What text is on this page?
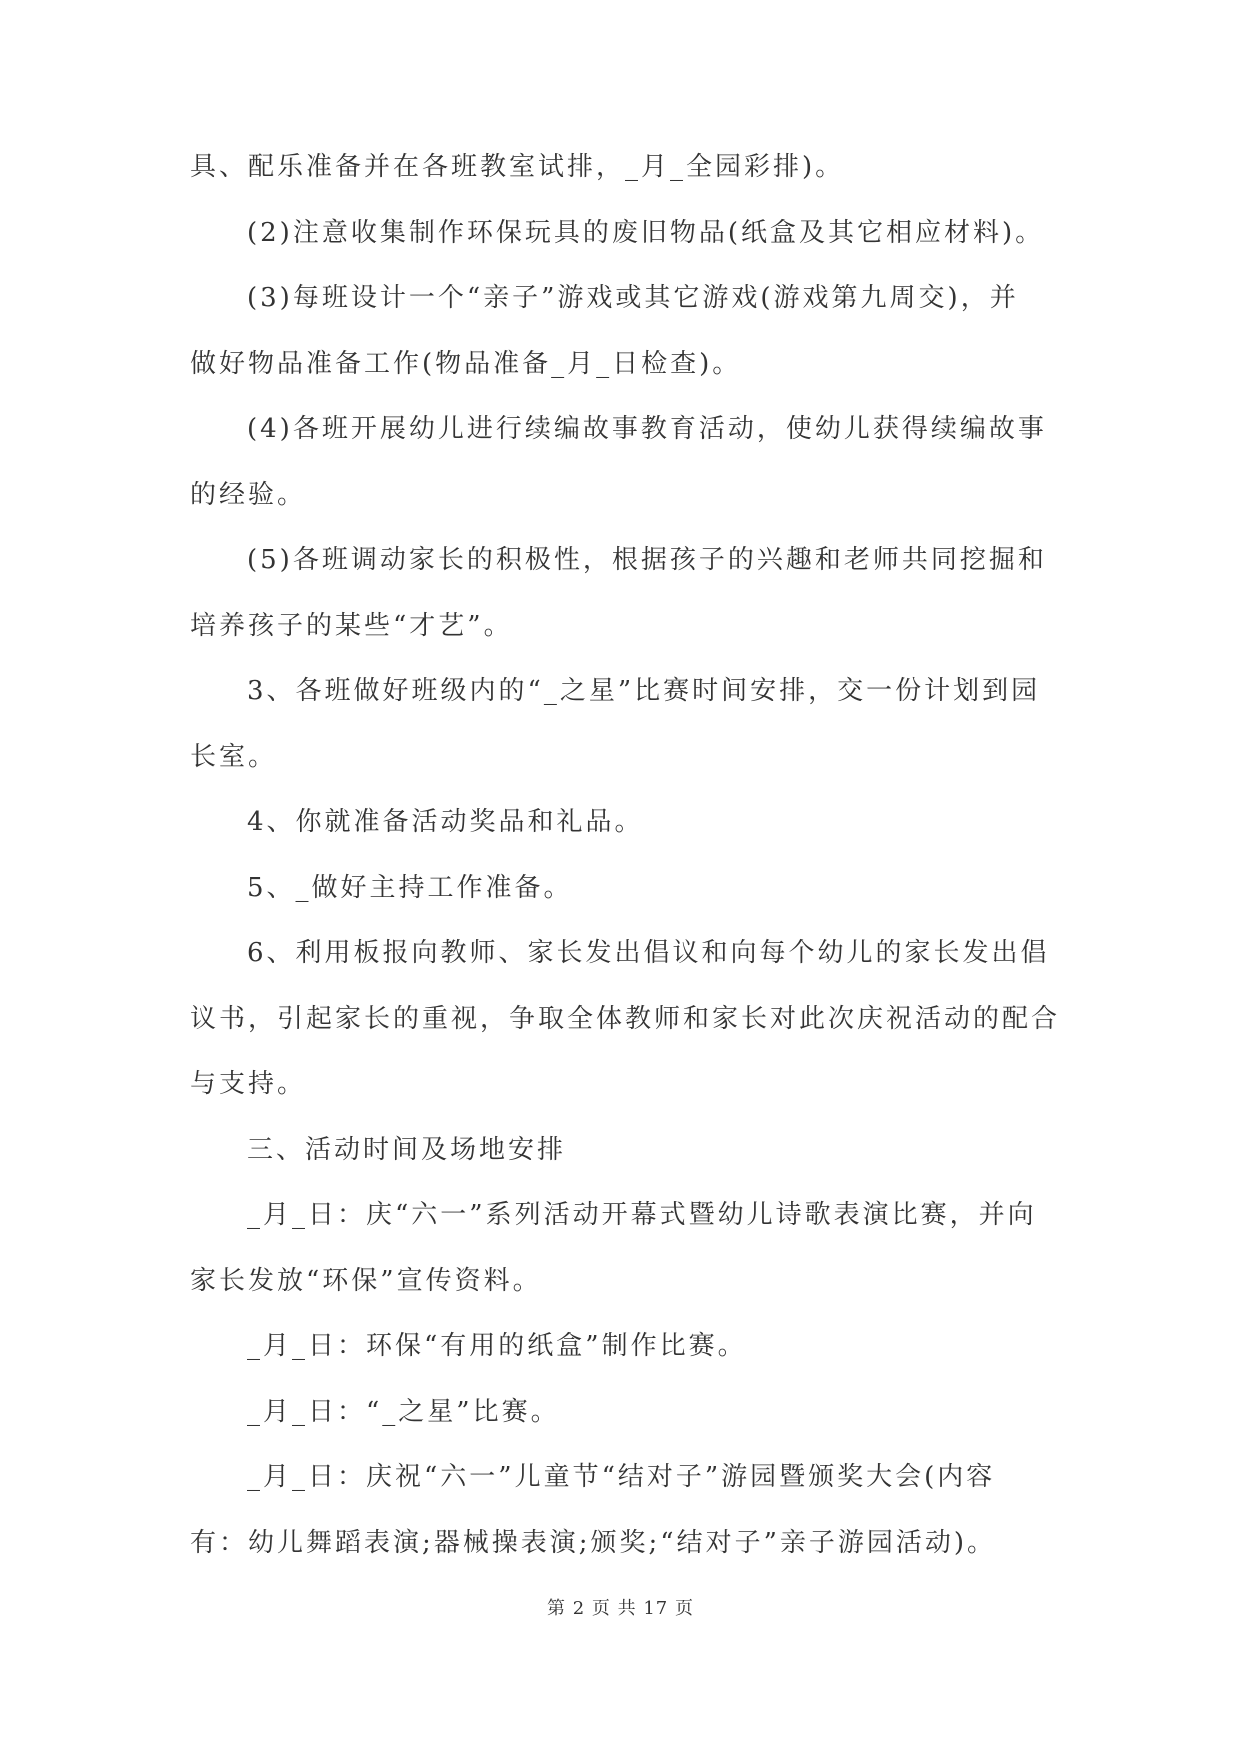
具、配乐准备并在各班教室试排，_月_全园彩排)。
(2)注意收集制作环保玩具的废旧物品(纸盒及其它相应材料)。
(3)每班设计一个“亲子”游戏或其它游戏(游戏第九周交)，并
做好物品准备工作(物品准备_月_日检查)。
(4)各班开展幼儿进行续编故事教育活动，使幼儿获得续编故事
的经验。
(5)各班调动家长的积极性，根据孩子的兴趣和老师共同挖掘和
培养孩子的某些“才艺”。
3、各班做好班级内的“_之星”比赛时间安排，交一份计划到园
长室。
4、你就准备活动奖品和礼品。
5、_做好主持工作准备。
6、利用板报向教师、家长发出倡议和向每个幼儿的家长发出倡
议书，引起家长的重视，争取全体教师和家长对此次庆祝活动的配合
与支持。
三、活动时间及场地安排
_月_日：庆“六一”系列活动开幕式暨幼儿诗歌表演比赛，并向
家长发放“环保”宣传资料。
_月_日：环保“有用的纸盒”制作比赛。
_月_日：“_之星”比赛。
_月_日：庆祝“六一”儿童节“结对子”游园暨颁奖大会(内容
有：幼儿舞蹈表演;器械操表演;颁奖;“结对子”亲子游园活动)。
第 2 页 共 17 页
